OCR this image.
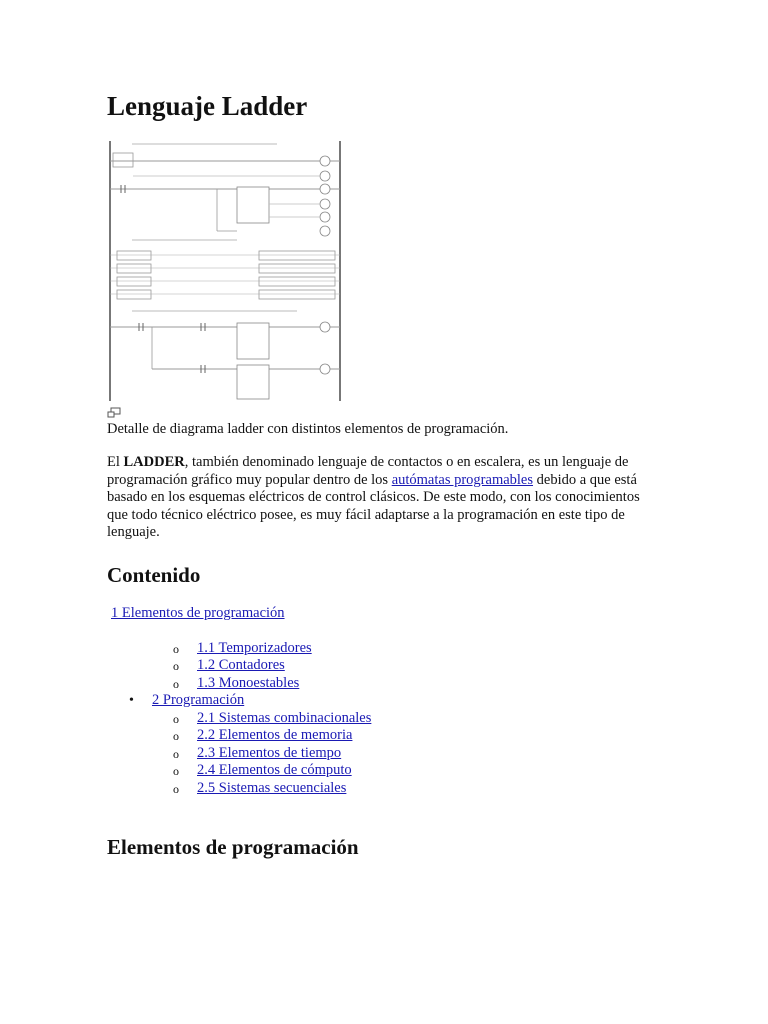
Lenguaje Ladder
Detalle de diagrama ladder con distintos elementos de programación.

El LADDER, también denominado lenguaje de contactos o en escalera, es un lenguaje de programación gráfico muy popular dentro de los autómatas programables debido a que está basado en los esquemas eléctricos de control clásicos. De este modo, con los conocimientos que todo técnico eléctrico posee, es muy fácil adaptarse a la programación en este tipo de lenguaje.

Contenido
1 Elementos de programación
o 1.1 Temporizadores
o 1.2 Contadores
o 1.3 Monoestables
• 2 Programación
o 2.1 Sistemas combinacionales
o 2.2 Elementos de memoria
o 2.3 Elementos de tiempo
o 2.4 Elementos de cómputo
o 2.5 Sistemas secuenciales
Elementos de programación
